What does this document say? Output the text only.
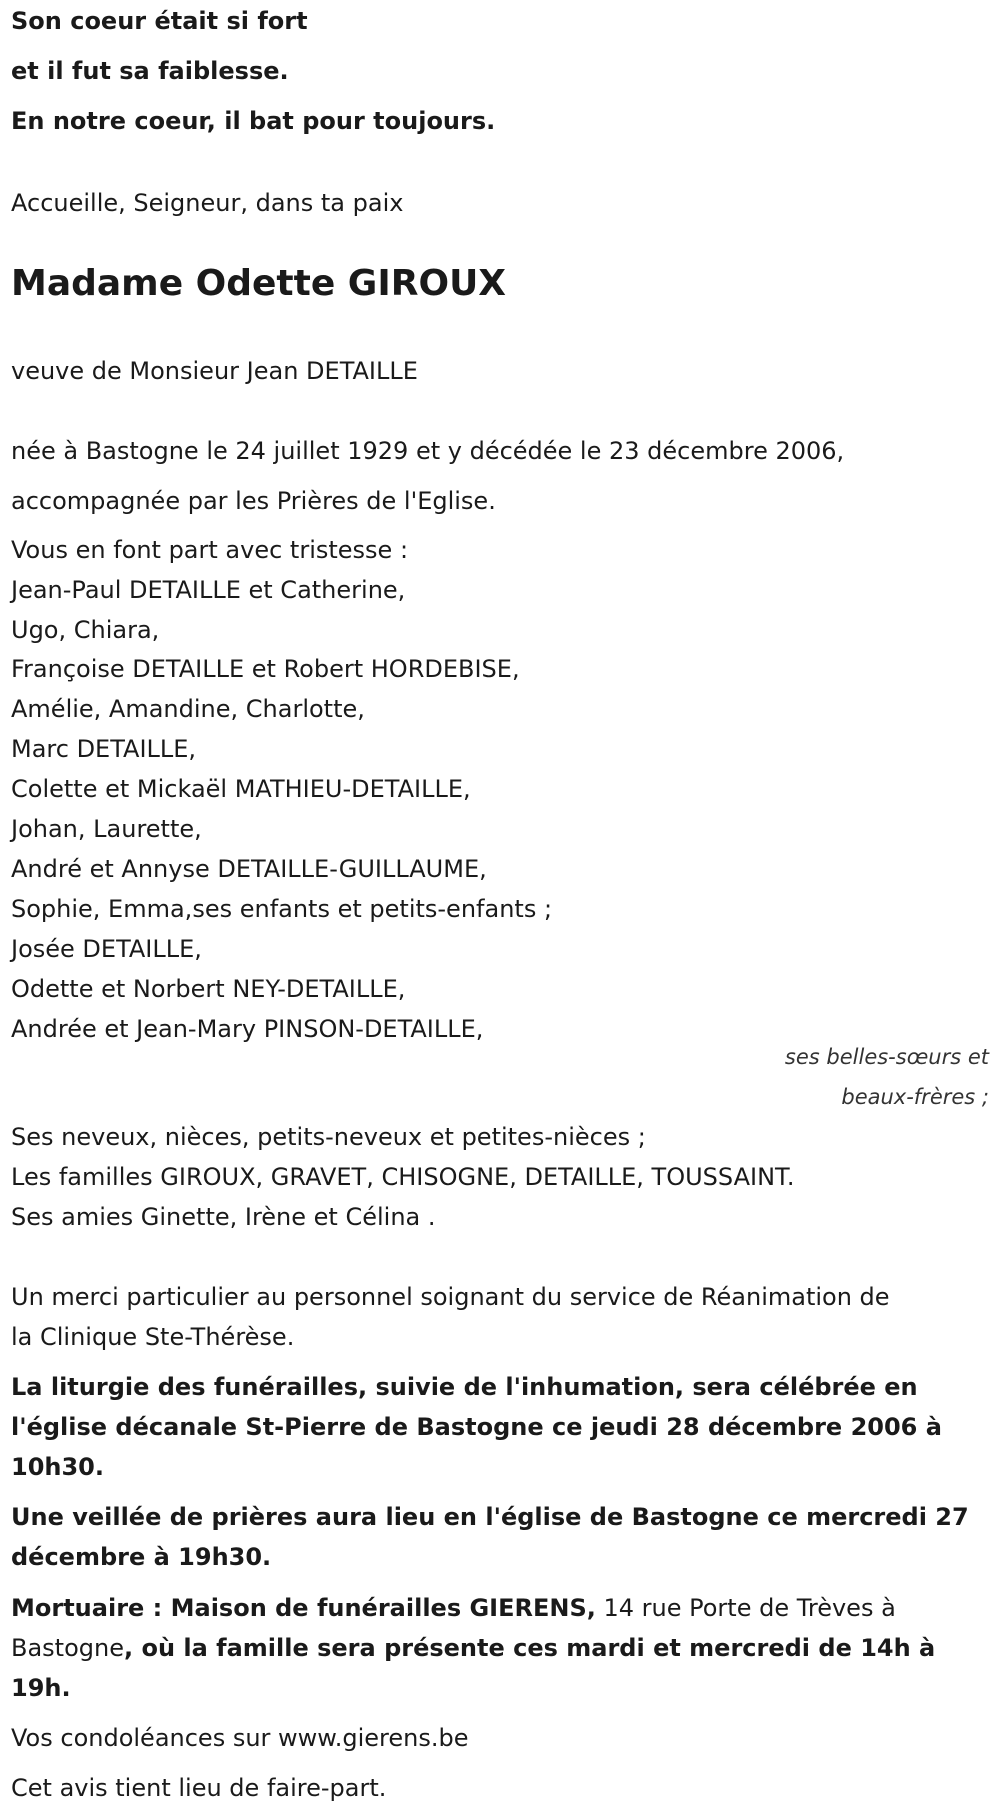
Son coeur était si fort
et il fut sa faiblesse.
En notre coeur, il bat pour toujours.
Accueille, Seigneur, dans ta paix
Madame Odette GIROUX
veuve de Monsieur Jean DETAILLE
née à Bastogne le 24 juillet 1929 et y décédée le 23 décembre 2006,
accompagnée par les Prières de l'Eglise.
Vous en font part avec tristesse :
Jean-Paul DETAILLE et Catherine,
Ugo, Chiara,
Françoise DETAILLE et Robert HORDEBISE,
Amélie, Amandine, Charlotte,
Marc DETAILLE,
Colette et Mickaël MATHIEU-DETAILLE,
Johan, Laurette,
André et Annyse DETAILLE-GUILLAUME,
Sophie, Emma,ses enfants et petits-enfants ;
Josée DETAILLE,
Odette et Norbert NEY-DETAILLE,
Andrée et Jean-Mary PINSON-DETAILLE,
ses belles-sœurs et
beaux-frères ;
Ses neveux, nièces, petits-neveux et petites-nièces ;
Les familles GIROUX, GRAVET, CHISOGNE, DETAILLE, TOUSSAINT.
Ses amies Ginette, Irène et Célina .
Un merci particulier au personnel soignant du service de Réanimation de
la Clinique Ste-Thérèse.
La liturgie des funérailles, suivie de l'inhumation, sera célébrée en
l'église décanale St-Pierre de Bastogne ce jeudi 28 décembre 2006 à
10h30.
Une veillée de prières aura lieu en l'église de Bastogne ce mercredi 27
décembre à 19h30.
Mortuaire : Maison de funérailles GIERENS, 14 rue Porte de Trèves à
Bastogne, où la famille sera présente ces mardi et mercredi de 14h à
19h.
Vos condoléances sur www.gierens.be
Cet avis tient lieu de faire-part.
